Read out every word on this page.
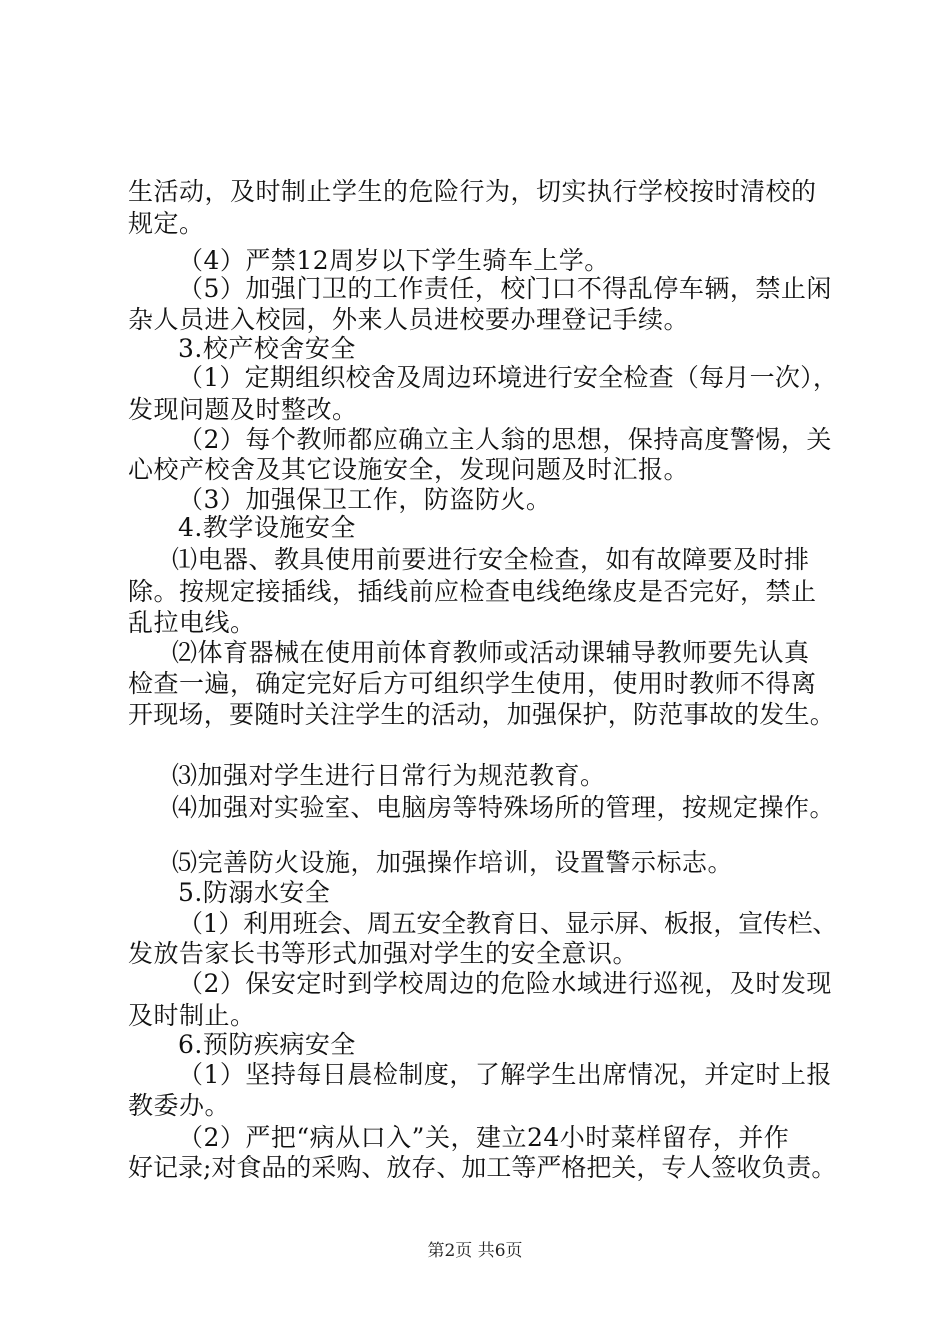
生活动，及时制止学生的危险行为，切实执行学校按时清校的
规定。
（4）严禁12周岁以下学生骑车上学。
（5）加强门卫的工作责任，校门口不得乱停车辆，禁止闲
杂人员进入校园，外来人员进校要办理登记手续。
3.校产校舍安全
（1）定期组织校舍及周边环境进行安全检查（每月一次），
发现问题及时整改。
（2）每个教师都应确立主人翁的思想，保持高度警惕，关
心校产校舍及其它设施安全，发现问题及时汇报。
（3）加强保卫工作，防盗防火。
4.教学设施安全
⑴电器、教具使用前要进行安全检查，如有故障要及时排
除。按规定接插线，插线前应检查电线绝缘皮是否完好，禁止
乱拉电线。
⑵体育器械在使用前体育教师或活动课辅导教师要先认真
检查一遍，确定完好后方可组织学生使用，使用时教师不得离
开现场，要随时关注学生的活动，加强保护，防范事故的发生。
⑶加强对学生进行日常行为规范教育。
⑷加强对实验室、电脑房等特殊场所的管理，按规定操作。
⑸完善防火设施，加强操作培训，设置警示标志。
5.防溺水安全
（1）利用班会、周五安全教育日、显示屏、板报，宣传栏、
发放告家长书等形式加强对学生的安全意识。
（2）保安定时到学校周边的危险水域进行巡视，及时发现
及时制止。
6.预防疾病安全
（1）坚持每日晨检制度，了解学生出席情况，并定时上报
教委办。
（2）严把“病从口入”关，建立24小时菜样留存，并作
好记录;对食品的采购、放存、加工等严格把关，专人签收负责。
第2页 共6页
